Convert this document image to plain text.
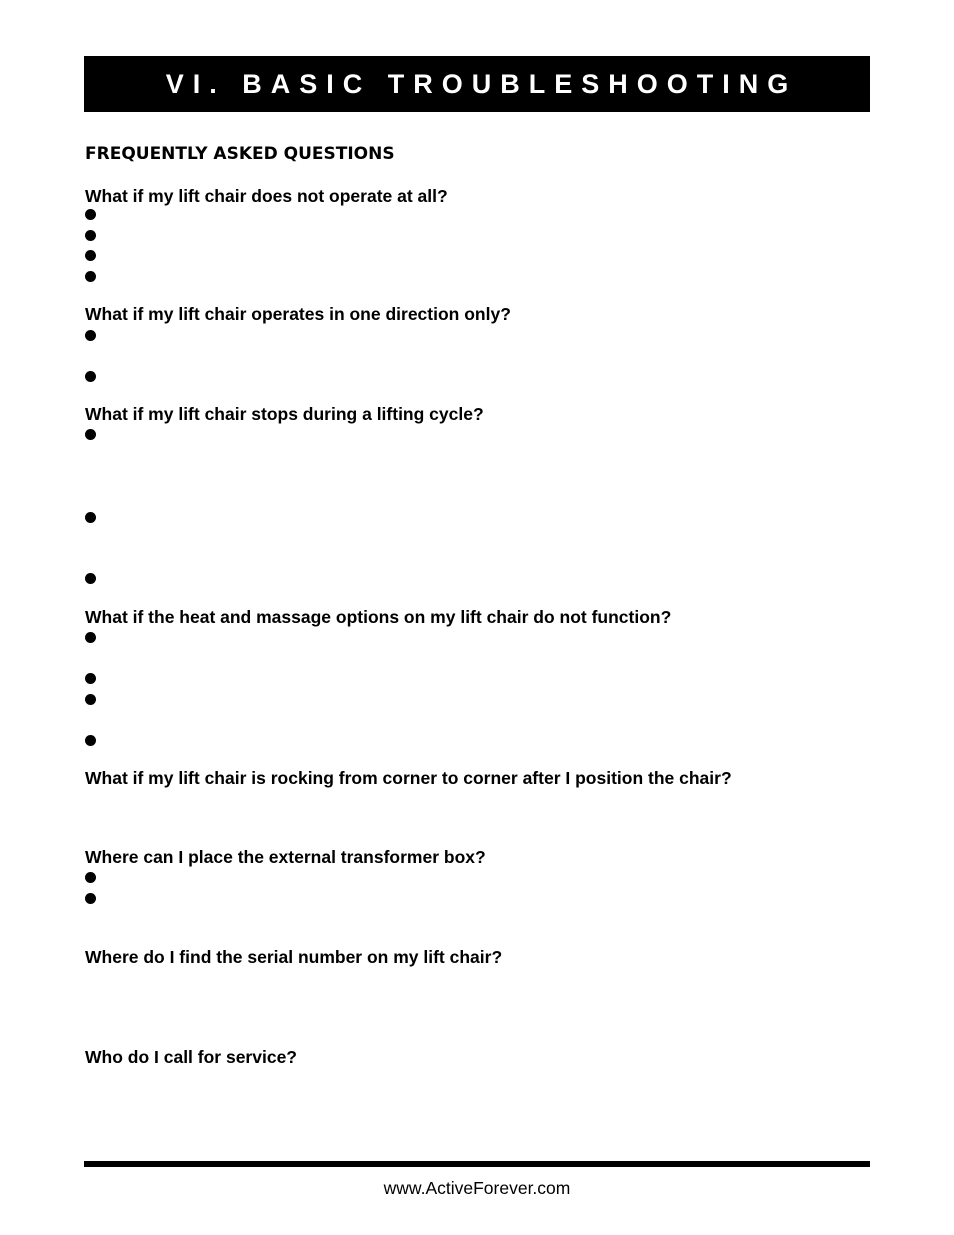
VI. BASIC TROUBLESHOOTING
FREQUENTLY ASKED QUESTIONS
What if my lift chair does not operate at all?
What if my lift chair operates in one direction only?
What if my lift chair stops during a lifting cycle?
What if the heat and massage options on my lift chair do not function?
What if my lift chair is rocking from corner to corner after I position the chair?
Where can I place the external transformer box?
Where do I find the serial number on my lift chair?
Who do I call for service?
www.ActiveForever.com
